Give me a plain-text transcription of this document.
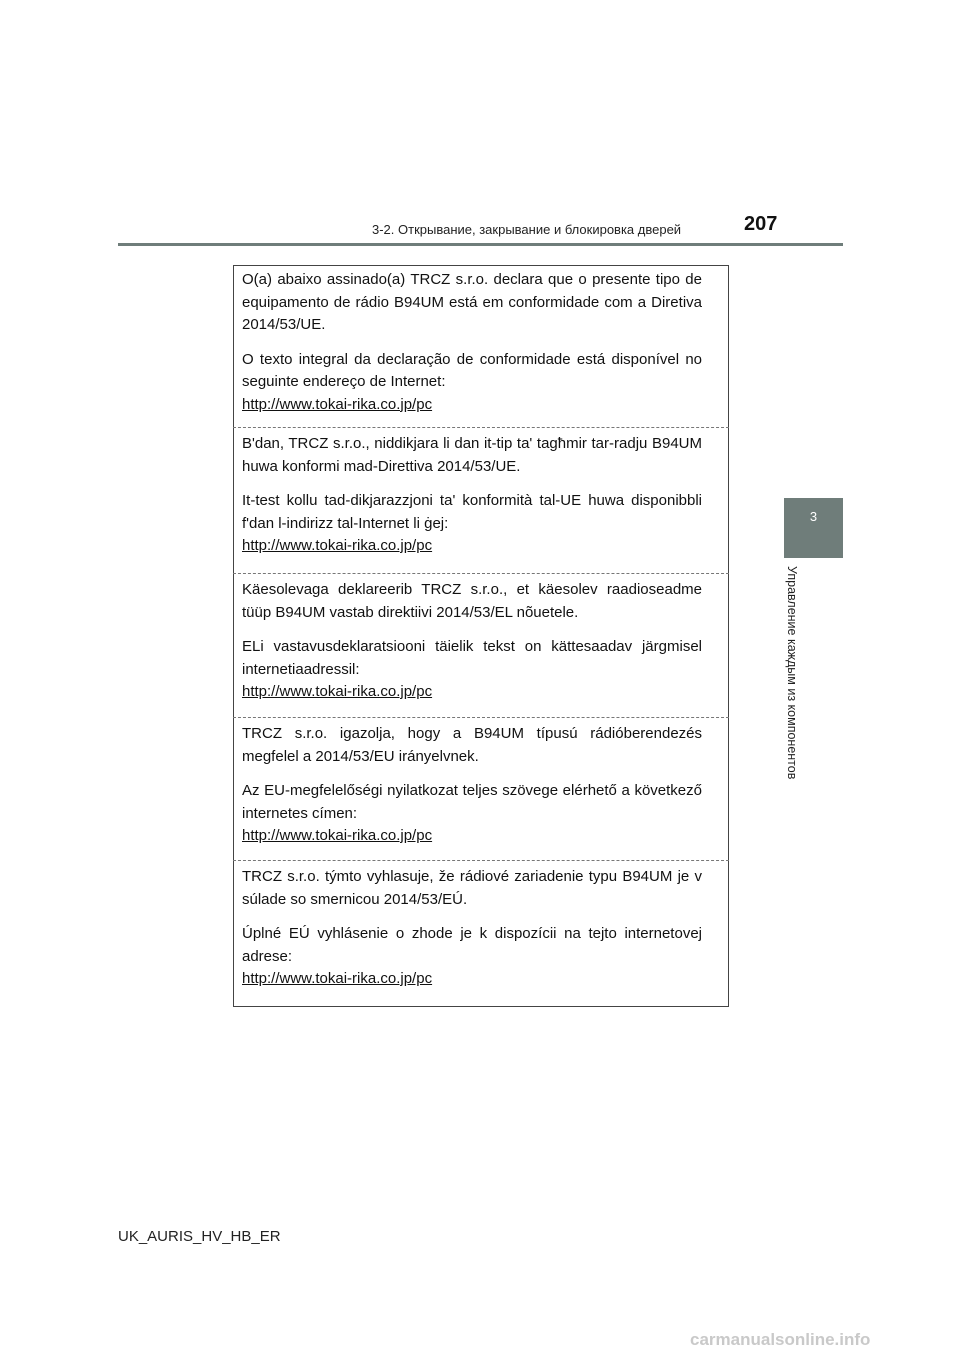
3-2. Открывание, закрывание и блокировка дверей	207
3
Управление каждым из компонентов

O(a) abaixo assinado(a) TRCZ s.r.o. declara que o presente tipo de equipamento de rádio B94UM está em conformidade com a Diretiva 2014/53/UE.

O texto integral da declaração de conformidade está disponível no seguinte endereço de Internet:

http://www.tokai-rika.co.jp/pc

B'dan, TRCZ s.r.o., niddikjara li dan it-tip ta' tagħmir tar-radju B94UM huwa konformi mad-Direttiva 2014/53/UE.

It-test kollu tad-dikjarazzjoni ta' konformità tal-UE huwa disponibbli f'dan l-indirizz tal-Internet li ġej:

http://www.tokai-rika.co.jp/pc

Käesolevaga deklareerib TRCZ s.r.o., et käesolev raadioseadme tüüp B94UM vastab direktiivi 2014/53/EL nõuetele.

ELi vastavusdeklaratsiooni täielik tekst on kättesaadav järgmisel internetiaadressil:

http://www.tokai-rika.co.jp/pc

TRCZ s.r.o. igazolja, hogy a B94UM típusú rádióberendezés megfelel a 2014/53/EU irányelvnek.

Az EU-megfelelőségi nyilatkozat teljes szövege elérhető a következő internetes címen:

http://www.tokai-rika.co.jp/pc

TRCZ s.r.o. týmto vyhlasuje, že rádiové zariadenie typu B94UM je v súlade so smernicou 2014/53/EÚ.

Úplné EÚ vyhlásenie o zhode je k dispozícii na tejto internetovej adrese:

http://www.tokai-rika.co.jp/pc
UK_AURIS_HV_HB_ER
carmanualsonline.info
